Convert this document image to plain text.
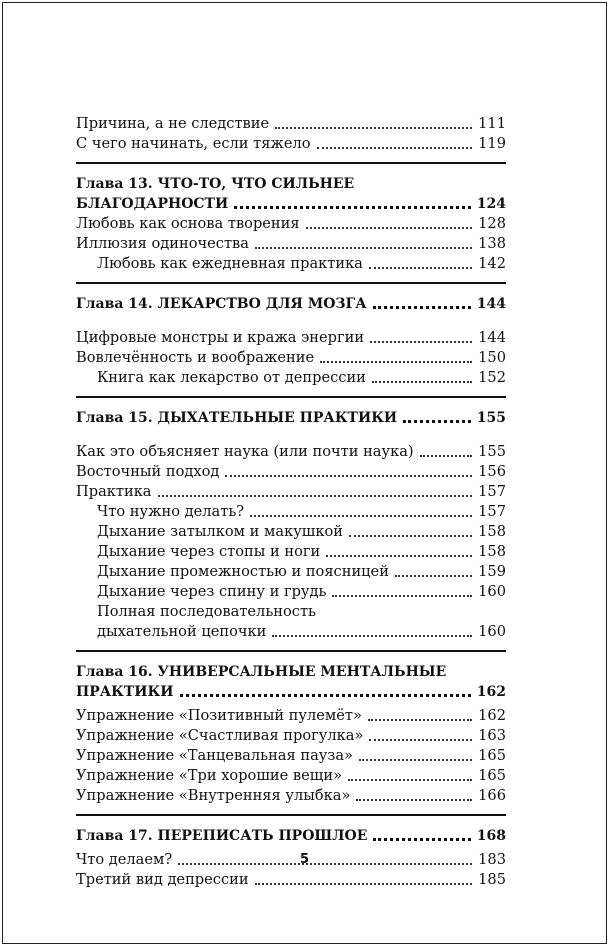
Причина, а не следствие	111
С чего начинать, если тяжело	119
Глава 13. ЧТО-ТО, ЧТО СИЛЬНЕЕ
БЛАГОДАРНОСТИ	124
Любовь как основа творения	128
Иллюзия одиночества	138
Любовь как ежедневная практика	142
Глава 14. ЛЕКАРСТВО ДЛЯ МОЗГА	144
Цифровые монстры и кража энергии	144
Вовлечённость и воображение	150
Книга как лекарство от депрессии	152
Глава 15. ДЫХАТЕЛЬНЫЕ ПРАКТИКИ	155
Как это объясняет наука (или почти наука)	155
Восточный подход	156
Практика	157
Что нужно делать?	157
Дыхание затылком и макушкой	158
Дыхание через стопы и ноги	158
Дыхание промежностью и поясницей	159
Дыхание через спину и грудь	160
Полная последовательность
дыхательной цепочки	160
Глава 16. УНИВЕРСАЛЬНЫЕ МЕНТАЛЬНЫЕ
ПРАКТИКИ	162
Упражнение «Позитивный пулемёт»	162
Упражнение «Счастливая прогулка»	163
Упражнение «Танцевальная пауза»	165
Упражнение «Три хорошие вещи»	165
Упражнение «Внутренняя улыбка»	166
Глава 17. ПЕРЕПИСАТЬ ПРОШЛОЕ	168
Что делаем?	183
Третий вид депрессии	185
5
